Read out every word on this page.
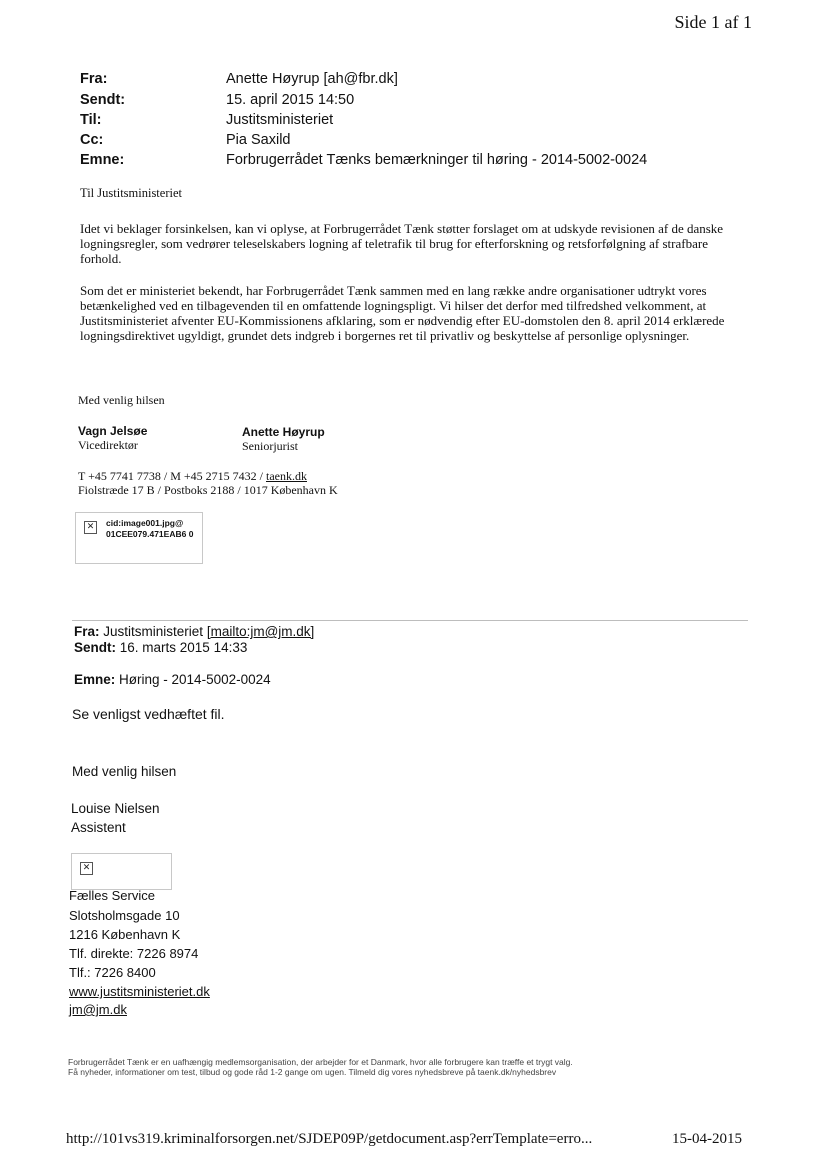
Side 1 af 1
Fra:	Anette Høyrup [ah@fbr.dk]
Sendt:	15. april 2015 14:50
Til:	Justitsministeriet
Cc:	Pia Saxild
Emne:	Forbrugerrådet Tænks bemærkninger til høring - 2014-5002-0024
Til Justitsministeriet
Idet vi beklager forsinkelsen, kan vi oplyse, at Forbrugerrådet Tænk støtter forslaget om at udskyde revisionen af de danske logningsregler, som vedrører teleselskabers logning af teletrafik til brug for efterforskning og retsforfølgning af strafbare forhold.
Som det er ministeriet bekendt, har Forbrugerrådet Tænk sammen med en lang række andre organisationer udtrykt vores betænkelighed ved en tilbagevenden til en omfattende logningspligt. Vi hilser det derfor med tilfredshed velkomment, at Justitsministeriet afventer EU-Kommissionens afklaring, som er nødvendig efter EU-domstolen den 8. april 2014 erklærede logningsdirektivet ugyldigt, grundet dets indgreb i borgernes ret til privatliv og beskyttelse af personlige oplysninger.
Med venlig hilsen
Vagn Jelsøe
Vicedirektør
Anette Høyrup
Seniorjurist
T +45 7741 7738 / M +45 2715 7432 / taenk.dk
Fiolstræde 17 B / Postboks 2188 / 1017 København K
✕	cid:image001.jpg@ 01CEE079.471EAB6 0
Fra: Justitsministeriet [mailto:jm@jm.dk]
Sendt: 16. marts 2015 14:33
Emne: Høring - 2014-5002-0024
Se venligst vedhæftet fil.
Med venlig hilsen
Louise Nielsen
Assistent
✕
Fælles Service
Slotsholmsgade 10
1216 København K
Tlf. direkte: 7226 8974
Tlf.: 7226 8400
www.justitsministeriet.dk
jm@jm.dk
Forbrugerrådet Tænk er en uafhængig medlemsorganisation, der arbejder for et Danmark, hvor alle forbrugere kan træffe et trygt valg.
Få nyheder, informationer om test, tilbud og gode råd 1-2 gange om ugen. Tilmeld dig vores nyhedsbreve på taenk.dk/nyhedsbrev
http://101vs319.kriminalforsorgen.net/SJDEP09P/getdocument.asp?errTemplate=erro...	15-04-2015
